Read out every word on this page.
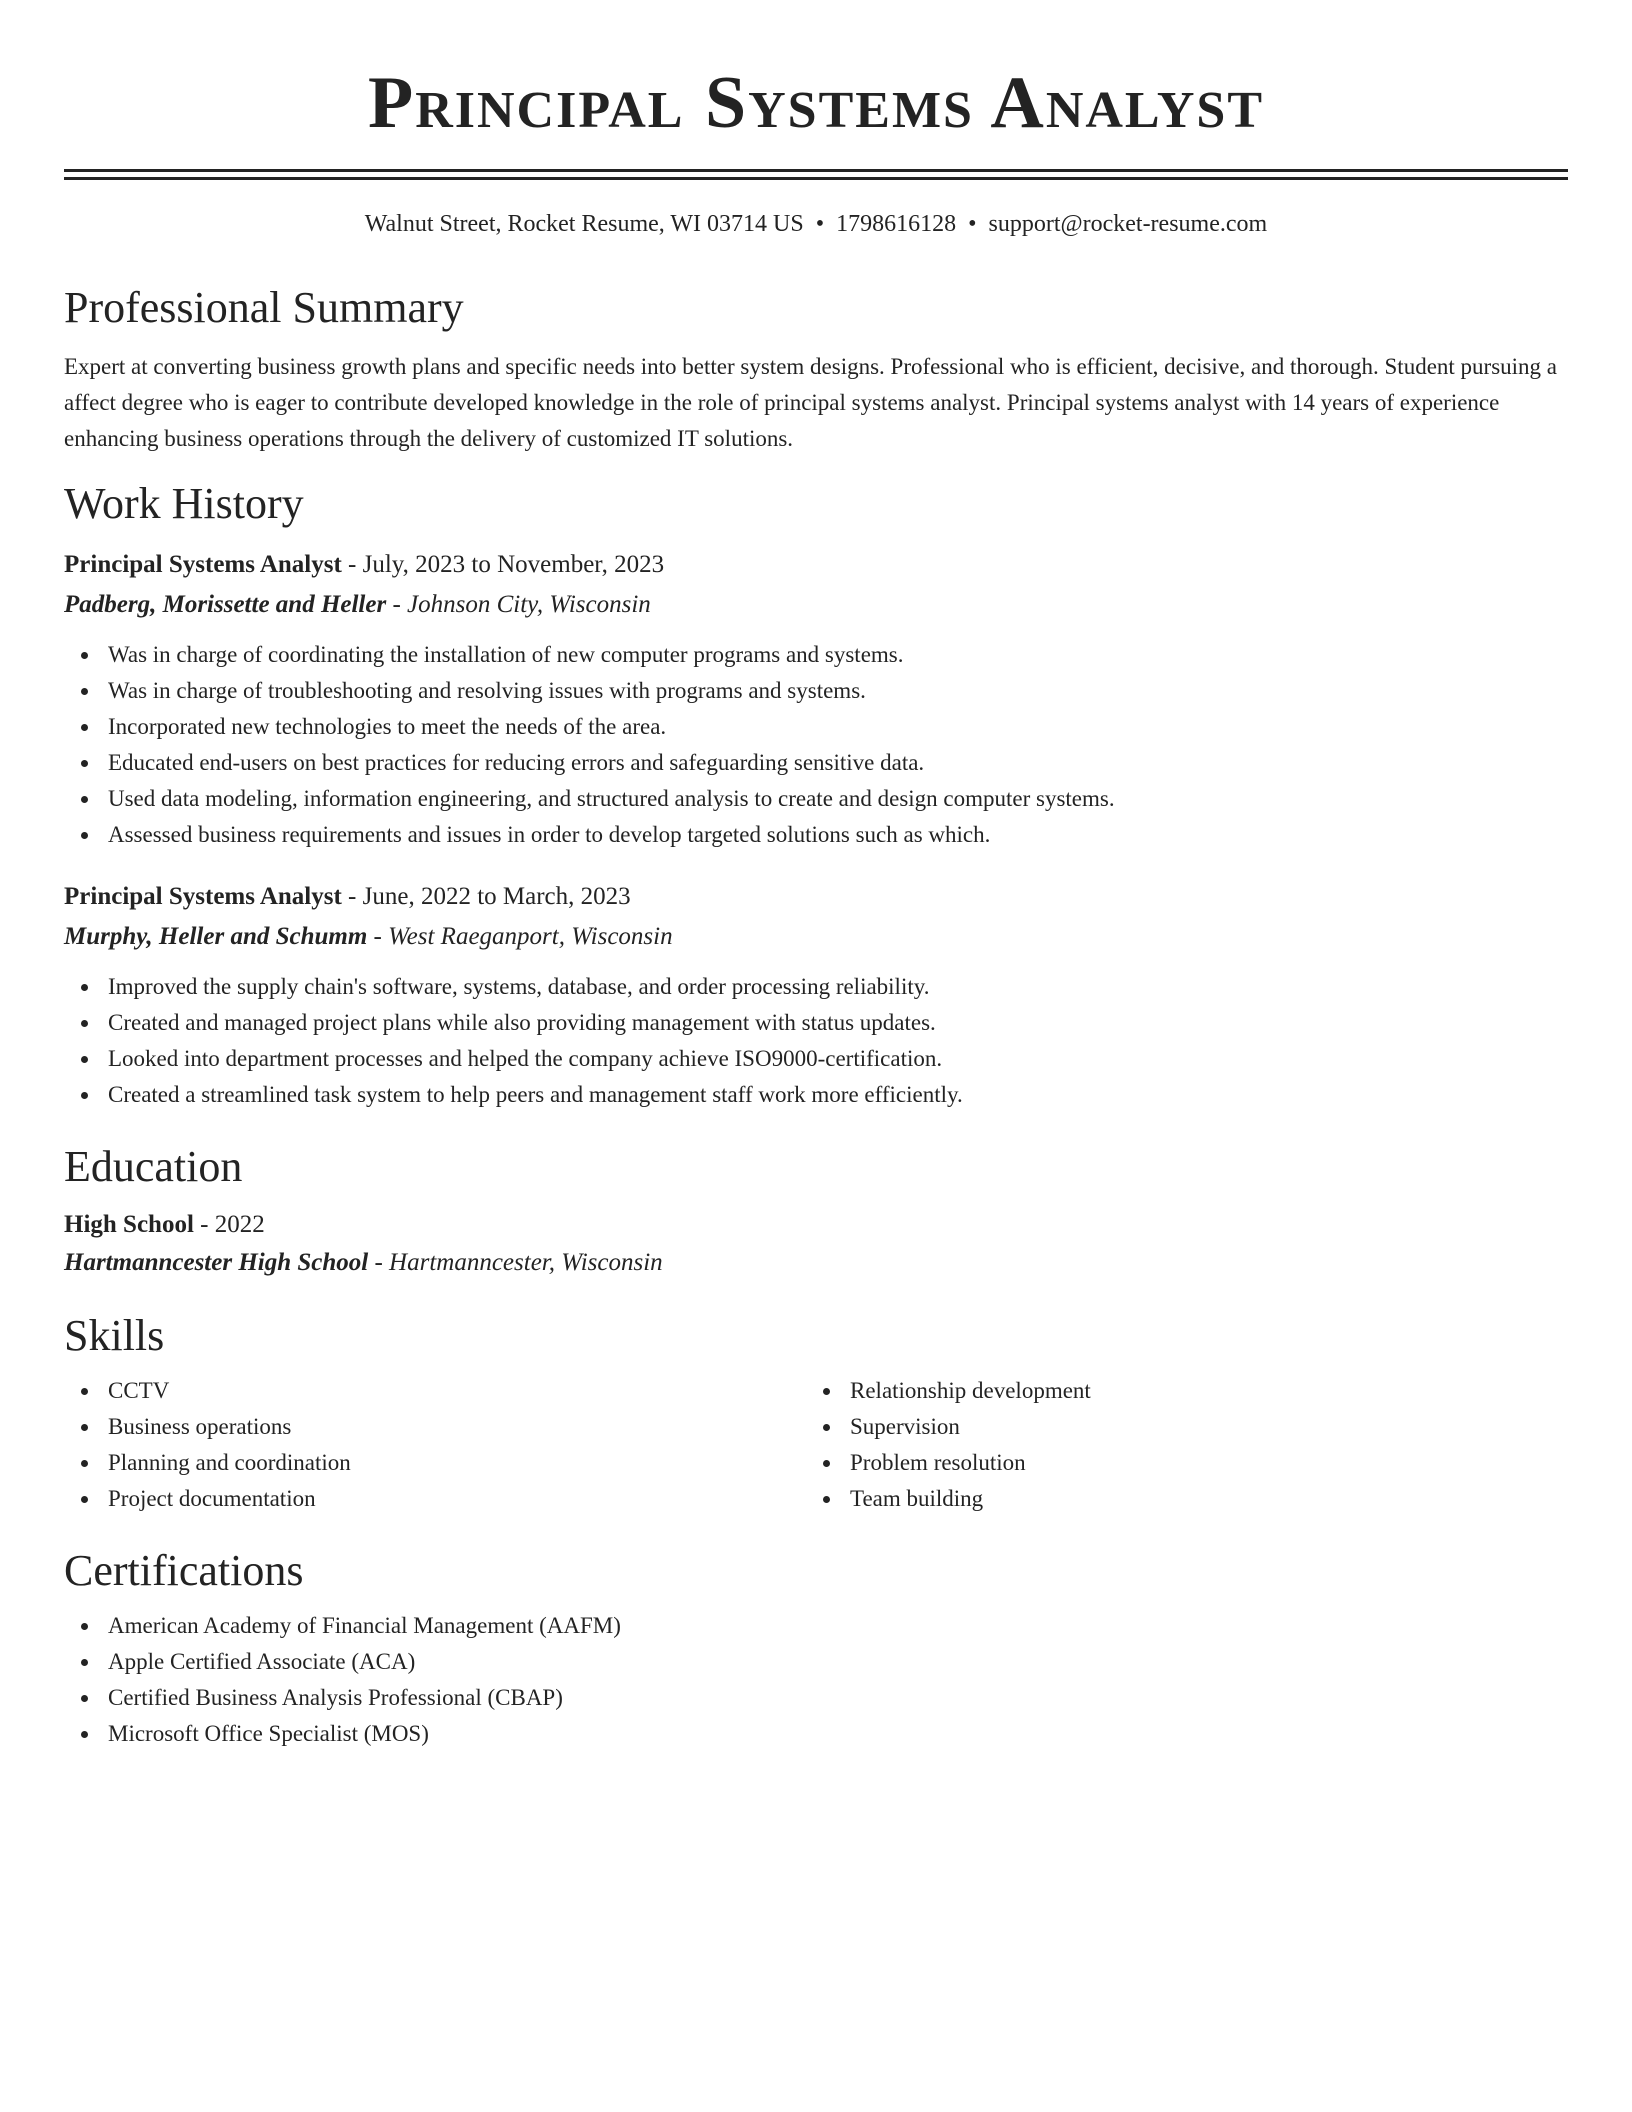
Principal Systems Analyst
Walnut Street, Rocket Resume, WI 03714 US • 1798616128 • support@rocket-resume.com
Professional Summary

Expert at converting business growth plans and specific needs into better system designs. Professional who is efficient, decisive, and thorough. Student pursuing a affect degree who is eager to contribute developed knowledge in the role of principal systems analyst. Principal systems analyst with 14 years of experience enhancing business operations through the delivery of customized IT solutions.

Work History
Principal Systems Analyst - July, 2023 to November, 2023
Padberg, Morissette and Heller - Johnson City, Wisconsin
Was in charge of coordinating the installation of new computer programs and systems.
Was in charge of troubleshooting and resolving issues with programs and systems.
Incorporated new technologies to meet the needs of the area.
Educated end-users on best practices for reducing errors and safeguarding sensitive data.
Used data modeling, information engineering, and structured analysis to create and design computer systems.
Assessed business requirements and issues in order to develop targeted solutions such as which.
Principal Systems Analyst - June, 2022 to March, 2023
Murphy, Heller and Schumm - West Raeganport, Wisconsin
Improved the supply chain's software, systems, database, and order processing reliability.
Created and managed project plans while also providing management with status updates.
Looked into department processes and helped the company achieve ISO9000-certification.
Created a streamlined task system to help peers and management staff work more efficiently.
Education
High School - 2022
Hartmanncester High School - Hartmanncester, Wisconsin
Skills
CCTV
Business operations
Planning and coordination
Project documentation
Relationship development
Supervision
Problem resolution
Team building
Certifications
American Academy of Financial Management (AAFM)
Apple Certified Associate (ACA)
Certified Business Analysis Professional (CBAP)
Microsoft Office Specialist (MOS)
